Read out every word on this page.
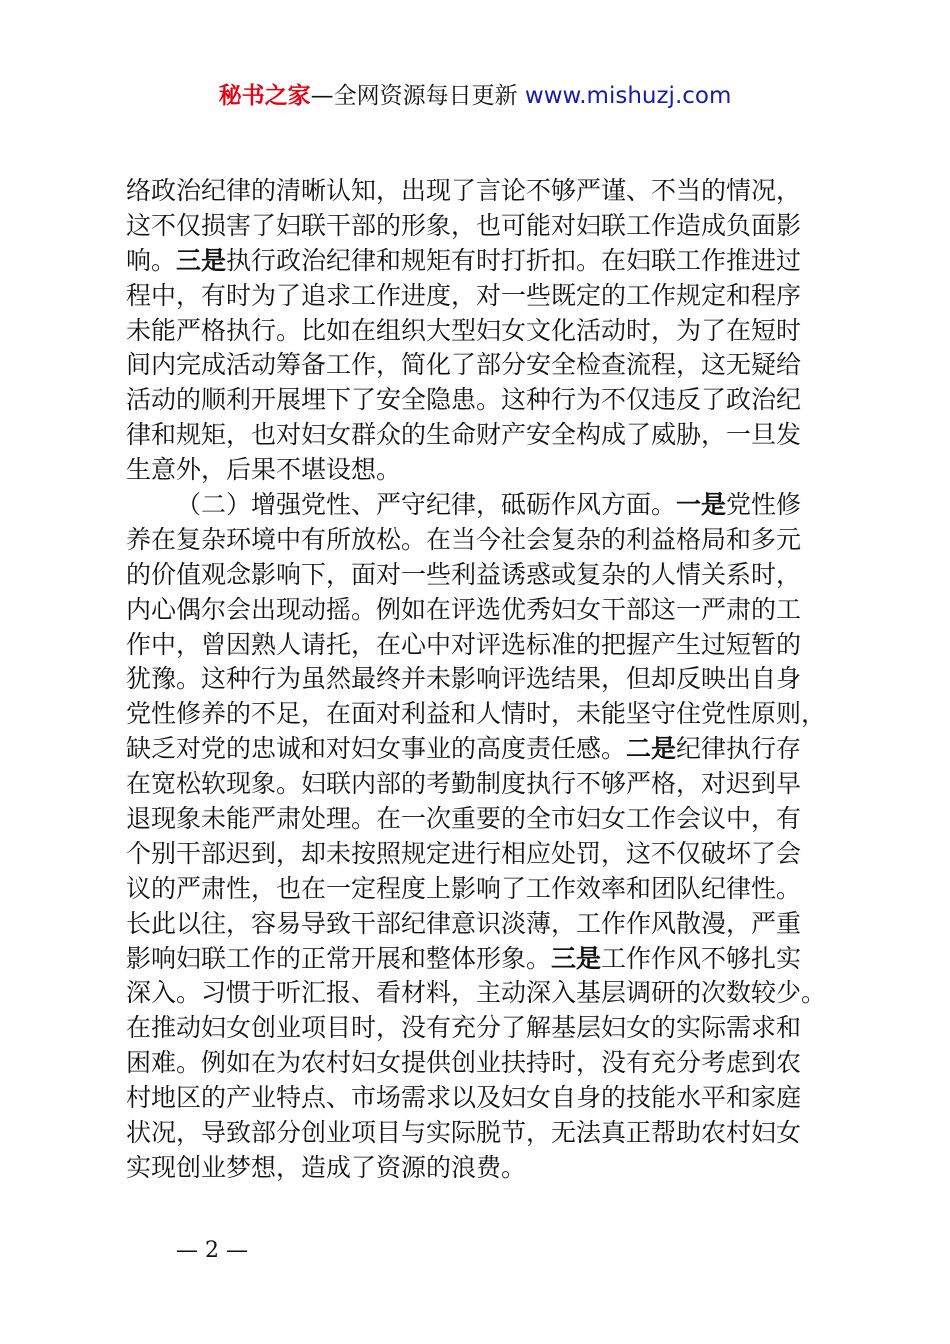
秘书之家—全网资源每日更新 www.mishuzj.com
络政治纪律的清晰认知，出现了言论不够严谨、不当的情况，
这不仅损害了妇联干部的形象，也可能对妇联工作造成负面影
响。三是执行政治纪律和规矩有时打折扣。在妇联工作推进过
程中，有时为了追求工作进度，对一些既定的工作规定和程序
未能严格执行。比如在组织大型妇女文化活动时，为了在短时
间内完成活动筹备工作，简化了部分安全检查流程，这无疑给
活动的顺利开展埋下了安全隐患。这种行为不仅违反了政治纪
律和规矩，也对妇女群众的生命财产安全构成了威胁，一旦发
生意外，后果不堪设想。
（二）增强党性、严守纪律，砥砺作风方面。一是党性修
养在复杂环境中有所放松。在当今社会复杂的利益格局和多元
的价值观念影响下，面对一些利益诱惑或复杂的人情关系时，
内心偶尔会出现动摇。例如在评选优秀妇女干部这一严肃的工
作中，曾因熟人请托，在心中对评选标准的把握产生过短暂的
犹豫。这种行为虽然最终并未影响评选结果，但却反映出自身
党性修养的不足，在面对利益和人情时，未能坚守住党性原则，
缺乏对党的忠诚和对妇女事业的高度责任感。二是纪律执行存
在宽松软现象。妇联内部的考勤制度执行不够严格，对迟到早
退现象未能严肃处理。在一次重要的全市妇女工作会议中，有
个别干部迟到，却未按照规定进行相应处罚，这不仅破坏了会
议的严肃性，也在一定程度上影响了工作效率和团队纪律性。
长此以往，容易导致干部纪律意识淡薄，工作作风散漫，严重
影响妇联工作的正常开展和整体形象。三是工作作风不够扎实
深入。习惯于听汇报、看材料，主动深入基层调研的次数较少。
在推动妇女创业项目时，没有充分了解基层妇女的实际需求和
困难。例如在为农村妇女提供创业扶持时，没有充分考虑到农
村地区的产业特点、市场需求以及妇女自身的技能水平和家庭
状况，导致部分创业项目与实际脱节，无法真正帮助农村妇女
实现创业梦想，造成了资源的浪费。
— 2 —
